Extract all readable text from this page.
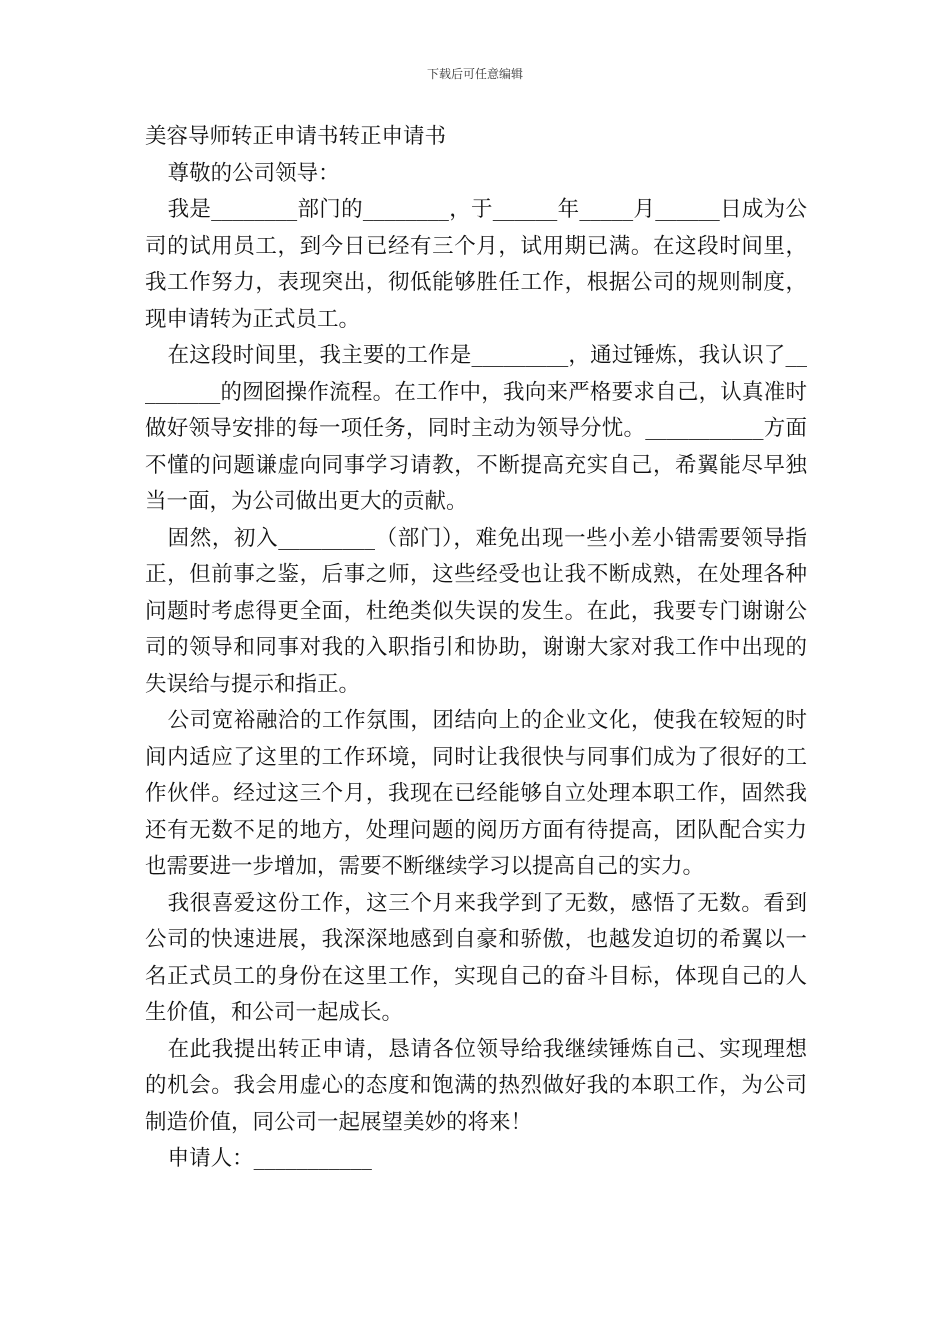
下载后可任意编辑
美容导师转正申请书转正申请书

尊敬的公司领导：

我是________部门的________，于______年_____月______日成为公司的试用员工，到今日已经有三个月，试用期已满。在这段时间里，我工作努力，表现突出，彻低能够胜任工作，根据公司的规则制度，现申请转为正式员工。

在这段时间里，我主要的工作是_________，通过锤炼，我认识了_________的囫囵操作流程。在工作中，我向来严格要求自己，认真准时做好领导安排的每一项任务，同时主动为领导分忧。___________方面不懂的问题谦虚向同事学习请教，不断提高充实自己，希翼能尽早独当一面，为公司做出更大的贡献。

固然，初入_________（部门），难免出现一些小差小错需要领导指正，但前事之鉴，后事之师，这些经受也让我不断成熟，在处理各种问题时考虑得更全面，杜绝类似失误的发生。在此，我要专门谢谢公司的领导和同事对我的入职指引和协助，谢谢大家对我工作中出现的失误给与提示和指正。

公司宽裕融洽的工作氛围，团结向上的企业文化，使我在较短的时间内适应了这里的工作环境，同时让我很快与同事们成为了很好的工作伙伴。经过这三个月，我现在已经能够自立处理本职工作，固然我还有无数不足的地方，处理问题的阅历方面有待提高，团队配合实力也需要进一步增加，需要不断继续学习以提高自己的实力。

我很喜爱这份工作，这三个月来我学到了无数，感悟了无数。看到公司的快速进展，我深深地感到自豪和骄傲，也越发迫切的希翼以一名正式员工的身份在这里工作，实现自己的奋斗目标，体现自己的人生价值，和公司一起成长。

在此我提出转正申请，恳请各位领导给我继续锤炼自己、实现理想的机会。我会用虚心的态度和饱满的热烈做好我的本职工作，为公司制造价值，同公司一起展望美妙的将来！

申请人：___________
